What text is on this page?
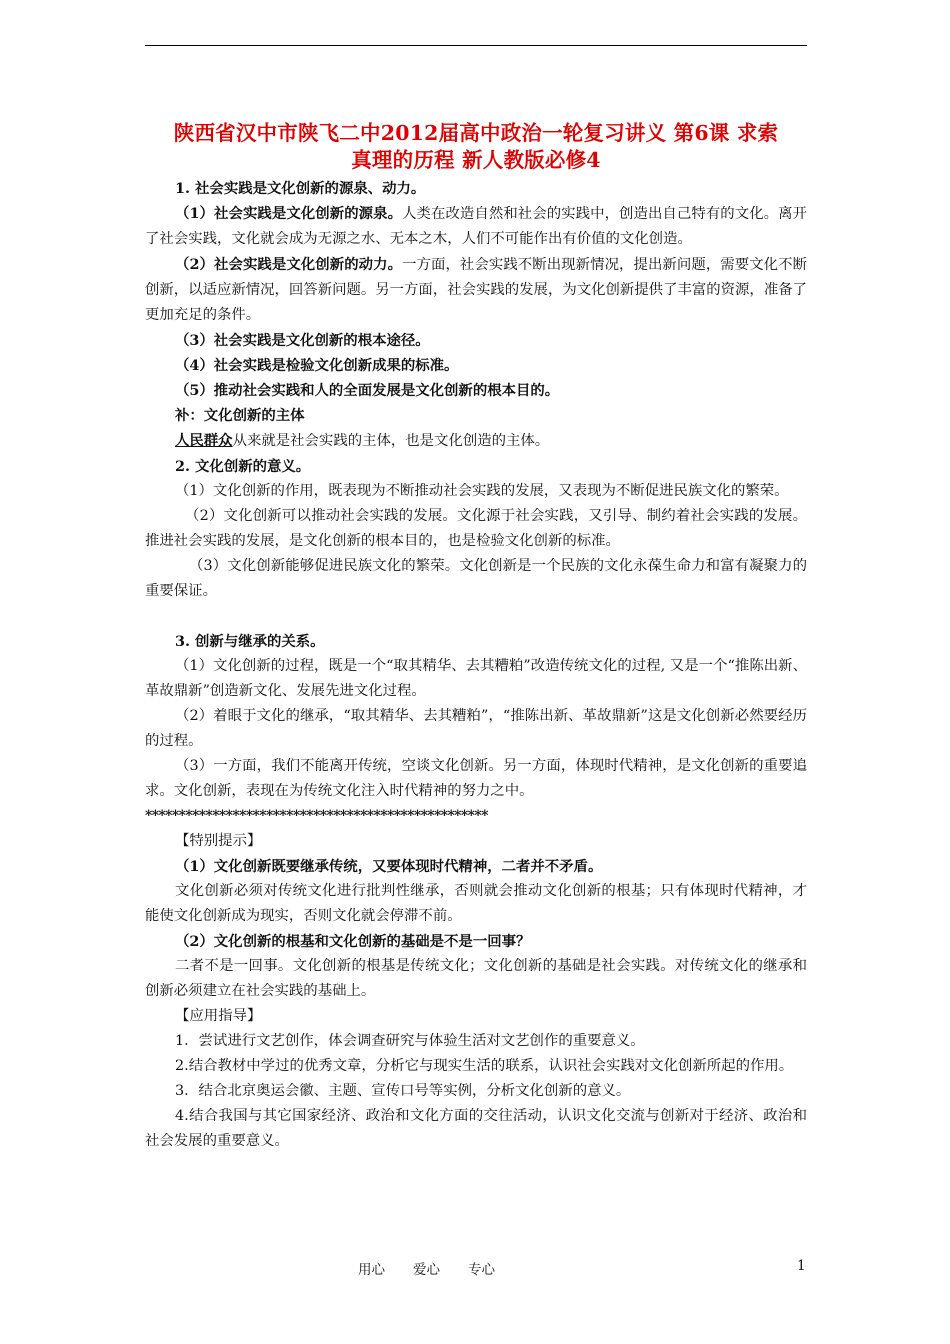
陕西省汉中市陕飞二中2012届高中政治一轮复习讲义 第6课 求索
真理的历程 新人教版必修4

1. 社会实践是文化创新的源泉、动力。

（1）社会实践是文化创新的源泉。人类在改造自然和社会的实践中，创造出自己特有的文化。离开了社会实践，文化就会成为无源之水、无本之木，人们不可能作出有价值的文化创造。

（2）社会实践是文化创新的动力。一方面，社会实践不断出现新情况，提出新问题，需要文化不断创新，以适应新情况，回答新问题。另一方面，社会实践的发展，为文化创新提供了丰富的资源，准备了更加充足的条件。

（3）社会实践是文化创新的根本途径。

（4）社会实践是检验文化创新成果的标准。

（5）推动社会实践和人的全面发展是文化创新的根本目的。

补：文化创新的主体

人民群众从来就是社会实践的主体，也是文化创造的主体。

2. 文化创新的意义。

（1）文化创新的作用，既表现为不断推动社会实践的发展，又表现为不断促进民族文化的繁荣。

（2）文化创新可以推动社会实践的发展。文化源于社会实践，又引导、制约着社会实践的发展。推进社会实践的发展，是文化创新的根本目的，也是检验文化创新的标准。

（3）文化创新能够促进民族文化的繁荣。文化创新是一个民族的文化永葆生命力和富有凝聚力的重要保证。

3. 创新与继承的关系。

（1）文化创新的过程，既是一个“取其精华、去其糟粕”改造传统文化的过程, 又是一个“推陈出新、革故鼎新”创造新文化、发展先进文化过程。

（2）着眼于文化的继承，“取其精华、去其糟粕”，“推陈出新、革故鼎新”这是文化创新必然要经历的过程。

（3）一方面，我们不能离开传统，空谈文化创新。另一方面，体现时代精神，是文化创新的重要追求。文化创新，表现在为传统文化注入时代精神的努力之中。

***************************************************

【特别提示】

（1）文化创新既要继承传统，又要体现时代精神，二者并不矛盾。

文化创新必须对传统文化进行批判性继承，否则就会推动文化创新的根基；只有体现时代精神，才能使文化创新成为现实，否则文化就会停滞不前。

（2）文化创新的根基和文化创新的基础是不是一回事？

二者不是一回事。文化创新的根基是传统文化；文化创新的基础是社会实践。对传统文化的继承和创新必须建立在社会实践的基础上。

【应用指导】

1．尝试进行文艺创作，体会调查研究与体验生活对文艺创作的重要意义。

2.结合教材中学过的优秀文章，分析它与现实生活的联系，认识社会实践对文化创新所起的作用。

3．结合北京奥运会徽、主题、宣传口号等实例，分析文化创新的意义。

4.结合我国与其它国家经济、政治和文化方面的交往活动，认识文化交流与创新对于经济、政治和社会发展的重要意义。

用心 爱心 专心	1
